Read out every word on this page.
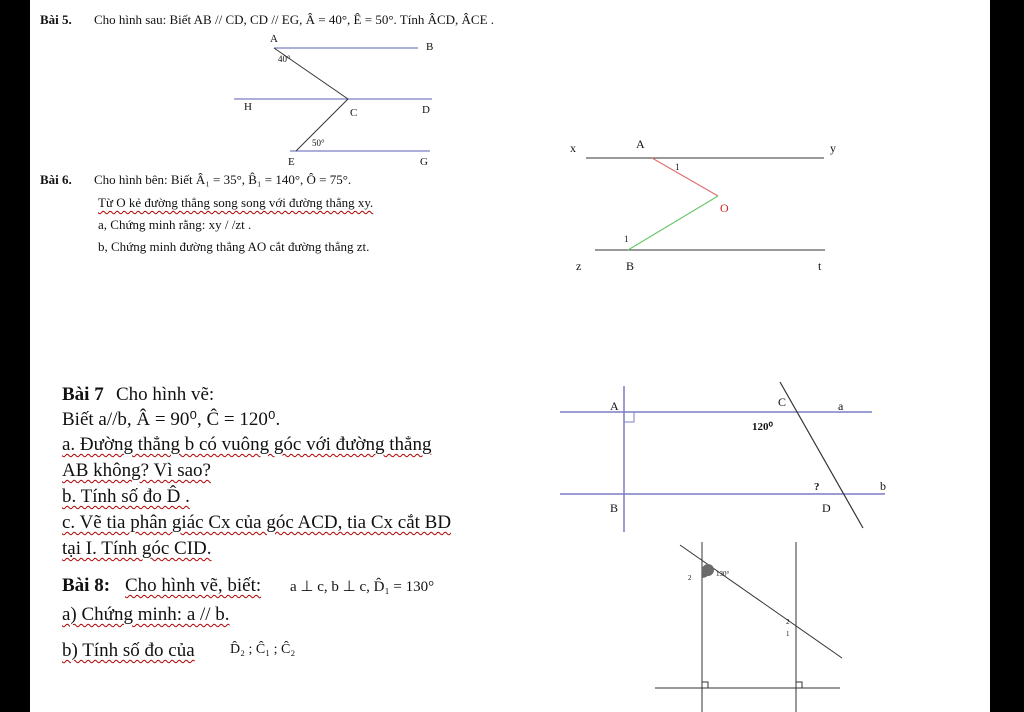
Bài 5. Cho hình sau: Biết AB // CD, CD // EG, Â = 40°, Ê = 50°. Tính ÂCD, ÂCE .
Bài 6. Cho hình bên: Biết Â₁ = 35°, B̂₁ = 140°, Ô = 75°.
Từ O kẻ đường thẳng song song với đường thẳng xy.
a, Chứng minh rằng: xy / /zt .
b, Chứng minh đường thẳng AO cắt đường thẳng zt.
Bài 7 Cho hình vẽ:
Biết a//b, Â = 90⁰, Ĉ = 120⁰.
a. Đường thẳng b có vuông góc với đường thẳng
AB không? Vì sao?
b. Tính số đo D̂ .
c. Vẽ tia phân giác Cx của góc ACD, tia Cx cắt BD
tại I. Tính góc CID.
Bài 8: Cho hình vẽ, biết: a ⊥ c, b ⊥ c, D̂₁ = 130°
a) Chứng minh: a // b.
b) Tính số đo của	D̂₂ ; Ĉ₁ ; Ĉ₂
A
B
40°
H	C	D
50°
E	G
x	A	y
1
O
1
z	B	t
A	C	a
120⁰
?	b
B	D
130°
2
2
1
